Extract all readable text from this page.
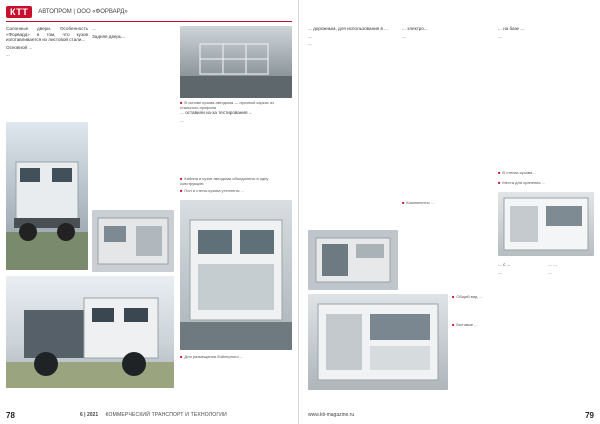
КТТ	АВТОПРОМ | ООО «ФОРВАРД»

Салонные двери. Особенность «Форвард» в том, что кузов изготавливается из листовой стали...

Основной ...

...

...

Задняя дверь...

■ В основе кузова автодома — прочный каркас из стального профиля
■ Кабина и кузов автодома объединены в одну конструкцию
■ Пол и стены кузова утеплены ...

... оставили из-за тестирования ...

...

■ Для размещения бойлерного ...
78	6 | 2021 КОММЕРЧЕСКИЙ ТРАНСПОРТ И ТЕХНОЛОГИИ

... дорожным, для использования в ...

...

...

... электро...

...

... на базе ...

...

■ В стенах-кузова ...
■ Места для хранения ...
■ Компоненты ...
■ Общий вид ...
■ Бытовые ...

... с ...

...

... ...

...

www.kti-magazine.ru	79
